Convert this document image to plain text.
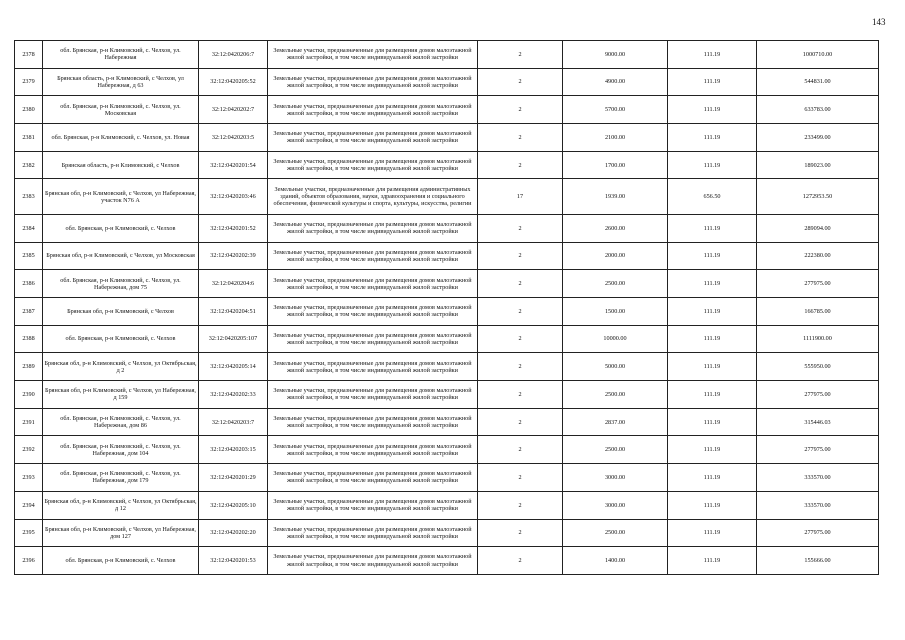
143
2378	обл. Брянская, р-н Климовский, с. Челхов, ул. Набережная	32:12:0420206:7	Земельные участки, предназначенные для размещения домов малоэтажной жилой застройки, в том числе индивидуальной жилой застройки	2	9000.00	111.19	1000710.00
2379	Брянская область, р-н Климовский, с Челхов, ул Набережная, д 63	32:12:0420205:52	Земельные участки, предназначенные для размещения домов малоэтажной жилой застройки, в том числе индивидуальной жилой застройки	2	4900.00	111.19	544831.00
2380	обл. Брянская, р-н Климовский, с. Челхов, ул. Московская	32:12:0420202:7	Земельные участки, предназначенные для размещения домов малоэтажной жилой застройки, в том числе индивидуальной жилой застройки	2	5700.00	111.19	633783.00
2381	обл. Брянская, р-н Климовский, с. Челхов, ул. Новая	32:12:0420203:5	Земельные участки, предназначенные для размещения домов малоэтажной жилой застройки, в том числе индивидуальной жилой застройки	2	2100.00	111.19	233499.00
2382	Брянская область, р-н Климовский, с Челхов	32:12:0420201:54	Земельные участки, предназначенные для размещения домов малоэтажной жилой застройки, в том числе индивидуальной жилой застройки	2	1700.00	111.19	189023.00
2383	Брянская обл, р-н Климовский, с Челхов, ул Набережная, участок N76 А	32:12:0420203:46	Земельные участки, предназначенные для размещения административных зданий, объектов образования, науки, здравоохранения и социального обеспечения, физической культуры и спорта, культуры, искусства, религии	17	1939.00	656.50	1272953.50
2384	обл. Брянская, р-н Климовский, с. Челхов	32:12:0420201:52	Земельные участки, предназначенные для размещения домов малоэтажной жилой застройки, в том числе индивидуальной жилой застройки	2	2600.00	111.19	289094.00
2385	Брянская обл, р-н Климовский, с Челхов, ул Московская	32:12:0420202:39	Земельные участки, предназначенные для размещения домов малоэтажной жилой застройки, в том числе индивидуальной жилой застройки	2	2000.00	111.19	222380.00
2386	обл. Брянская, р-н Климовский, с. Челхов, ул. Набережная, дом 75	32:12:0420204:6	Земельные участки, предназначенные для размещения домов малоэтажной жилой застройки, в том числе индивидуальной жилой застройки	2	2500.00	111.19	277975.00
2387	Брянская обл, р-н Климовский, с Челхов	32:12:0420204:51	Земельные участки, предназначенные для размещения домов малоэтажной жилой застройки, в том числе индивидуальной жилой застройки	2	1500.00	111.19	166785.00
2388	обл. Брянская, р-н Климовский, с. Челхов	32:12:0420205:107	Земельные участки, предназначенные для размещения домов малоэтажной жилой застройки, в том числе индивидуальной жилой застройки	2	10000.00	111.19	1111900.00
2389	Брянская обл, р-н Климовский, с Челхов, ул Октябрьская, д 2	32:12:0420205:14	Земельные участки, предназначенные для размещения домов малоэтажной жилой застройки, в том числе индивидуальной жилой застройки	2	5000.00	111.19	555950.00
2390	Брянская обл, р-н Климовский, с Челхов, ул Набережная, д 159	32:12:0420202:33	Земельные участки, предназначенные для размещения домов малоэтажной жилой застройки, в том числе индивидуальной жилой застройки	2	2500.00	111.19	277975.00
2391	обл. Брянская, р-н Климовский, с. Челхов, ул. Набережная, дом 86	32:12:0420203:7	Земельные участки, предназначенные для размещения домов малоэтажной жилой застройки, в том числе индивидуальной жилой застройки	2	2837.00	111.19	315446.03
2392	обл. Брянская, р-н Климовский, с. Челхов, ул. Набережная, дом 104	32:12:0420203:15	Земельные участки, предназначенные для размещения домов малоэтажной жилой застройки, в том числе индивидуальной жилой застройки	2	2500.00	111.19	277975.00
2393	обл. Брянская, р-н Климовский, с. Челхов, ул. Набережная, дом 179	32:12:0420201:29	Земельные участки, предназначенные для размещения домов малоэтажной жилой застройки, в том числе индивидуальной жилой застройки	2	3000.00	111.19	333570.00
2394	Брянская обл, р-н Климовский, с Челхов, ул Октябрьская, д 12	32:12:0420205:10	Земельные участки, предназначенные для размещения домов малоэтажной жилой застройки, в том числе индивидуальной жилой застройки	2	3000.00	111.19	333570.00
2395	Брянская обл, р-н Климовский, с Челхов, ул Набережная, дом 127	32:12:0420202:20	Земельные участки, предназначенные для размещения домов малоэтажной жилой застройки, в том числе индивидуальной жилой застройки	2	2500.00	111.19	277975.00
2396	обл. Брянская, р-н Климовский, с. Челхов	32:12:0420201:53	Земельные участки, предназначенные для размещения домов малоэтажной жилой застройки, в том числе индивидуальной жилой застройки	2	1400.00	111.19	155666.00
